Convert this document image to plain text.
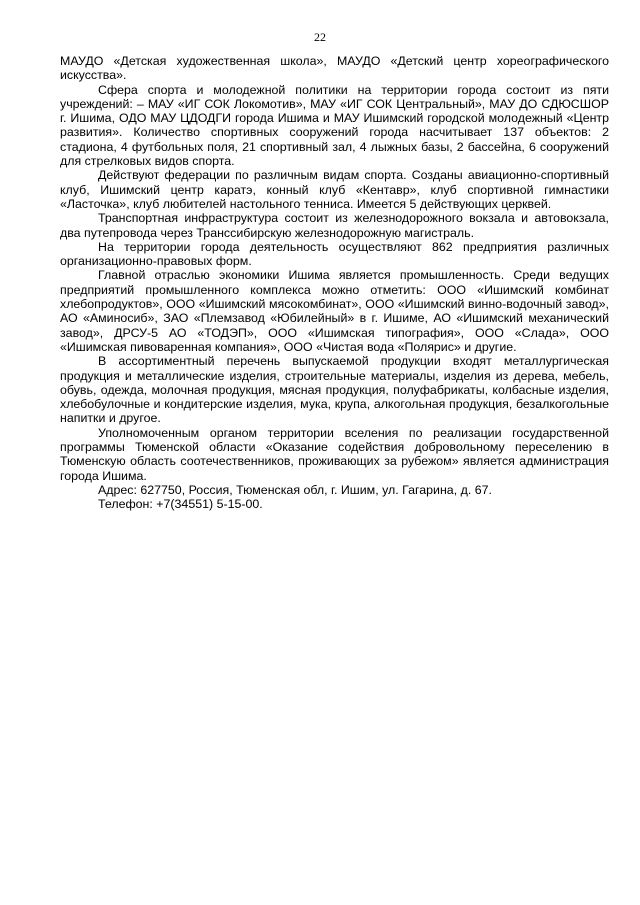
22

МАУДО «Детская художественная школа», МАУДО «Детский центр хореографического искусства».

Сфера спорта и молодежной политики на территории города состоит из пяти учреждений: – МАУ «ИГ СОК Локомотив», МАУ «ИГ СОК Центральный», МАУ ДО СДЮСШОР г. Ишима, ОДО МАУ ЦДОДГИ города Ишима и МАУ Ишимский городской молодежный «Центр развития». Количество спортивных сооружений города насчитывает 137 объектов: 2 стадиона, 4 футбольных поля, 21 спортивный зал, 4 лыжных базы, 2 бассейна, 6 сооружений для стрелковых видов спорта.

Действуют федерации по различным видам спорта. Созданы авиационно-спортивный клуб, Ишимский центр каратэ, конный клуб «Кентавр», клуб спортивной гимнастики «Ласточка», клуб любителей настольного тенниса. Имеется 5 действующих церквей.

Транспортная инфраструктура состоит из железнодорожного вокзала и автовокзала, два путепровода через Транссибирскую железнодорожную магистраль.

На территории города деятельность осуществляют 862 предприятия различных организационно-правовых форм.

Главной отраслью экономики Ишима является промышленность. Среди ведущих предприятий промышленного комплекса можно отметить: ООО «Ишимский комбинат хлебопродуктов», ООО «Ишимский мясокомбинат», ООО «Ишимский винно-водочный завод», АО «Аминосиб», ЗАО «Племзавод «Юбилейный» в г. Ишиме, АО «Ишимский механический завод», ДРСУ-5 АО «ТОДЭП», ООО «Ишимская типография», ООО «Слада», ООО «Ишимская пивоваренная компания», ООО «Чистая вода «Полярис» и другие.

В ассортиментный перечень выпускаемой продукции входят металлургическая продукция и металлические изделия, строительные материалы, изделия из дерева, мебель, обувь, одежда, молочная продукция, мясная продукция, полуфабрикаты, колбасные изделия, хлебобулочные и кондитерские изделия, мука, крупа, алкогольная продукция, безалкогольные напитки и другое.

Уполномоченным органом территории вселения по реализации государственной программы Тюменской области «Оказание содействия добровольному переселению в Тюменскую область соотечественников, проживающих за рубежом» является администрация города Ишима.

Адрес: 627750, Россия, Тюменская обл, г. Ишим, ул. Гагарина, д. 67.

Телефон: +7(34551) 5-15-00.
